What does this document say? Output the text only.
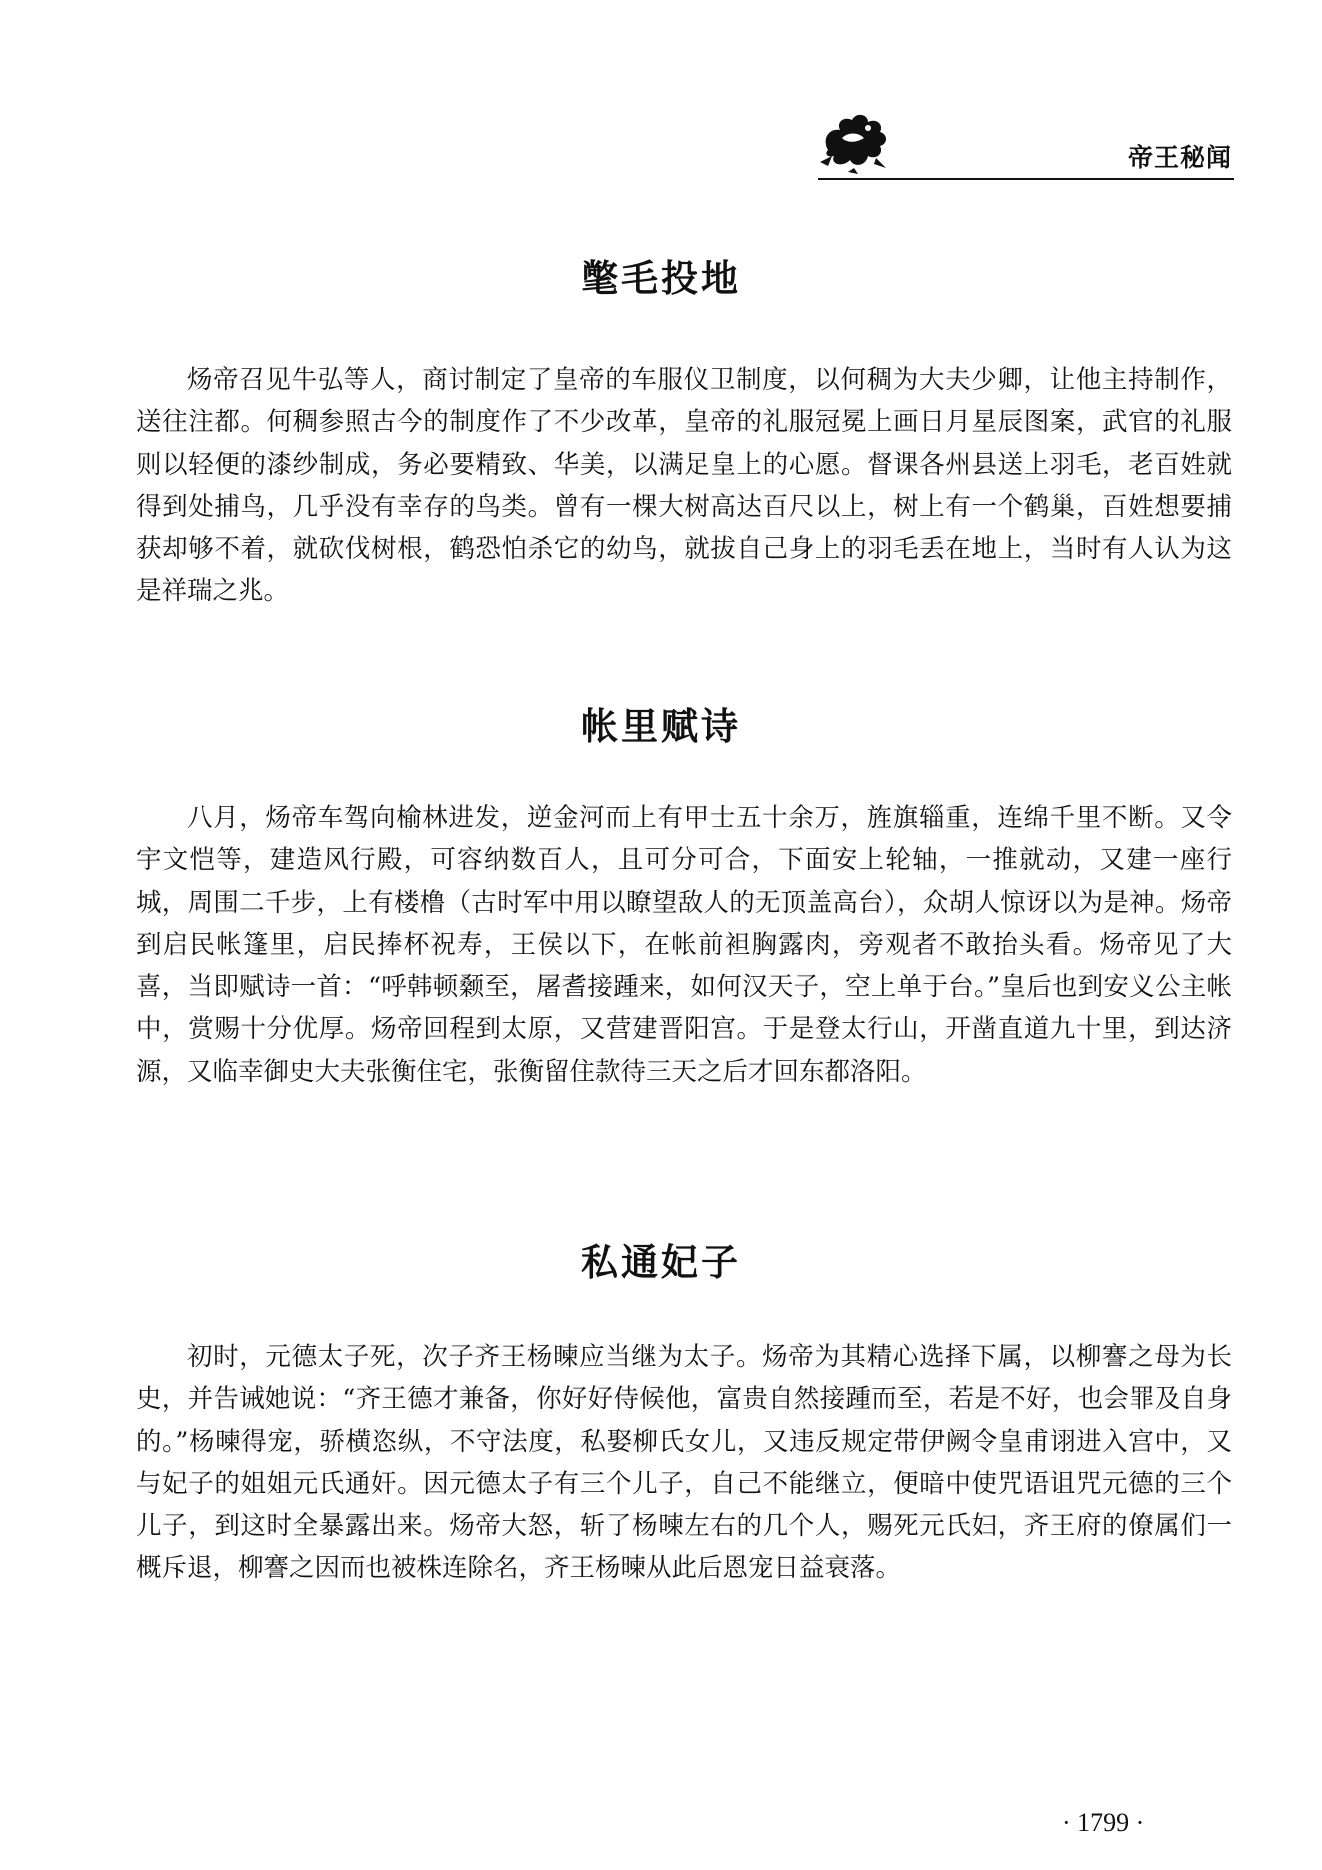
帝王秘闻
氅毛投地

炀帝召见牛弘等人，商讨制定了皇帝的车服仪卫制度，以何稠为大夫少卿，让他主持制作，送往注都。何稠参照古今的制度作了不少改革，皇帝的礼服冠冕上画日月星辰图案，武官的礼服则以轻便的漆纱制成，务必要精致、华美，以满足皇上的心愿。督课各州县送上羽毛，老百姓就得到处捕鸟，几乎没有幸存的鸟类。曾有一棵大树高达百尺以上，树上有一个鹤巢，百姓想要捕获却够不着，就砍伐树根，鹤恐怕杀它的幼鸟，就拔自己身上的羽毛丢在地上，当时有人认为这是祥瑞之兆。

帐里赋诗

八月，炀帝车驾向榆林进发，逆金河而上有甲士五十余万，旌旗辎重，连绵千里不断。又令宇文恺等，建造风行殿，可容纳数百人，且可分可合，下面安上轮轴，一推就动，又建一座行城，周围二千步，上有楼橹（古时军中用以瞭望敌人的无顶盖高台），众胡人惊讶以为是神。炀帝到启民帐篷里，启民捧杯祝寿，王侯以下，在帐前袒胸露肉，旁观者不敢抬头看。炀帝见了大喜，当即赋诗一首：“呼韩顿颡至，屠耆接踵来，如何汉天子，空上单于台。”皇后也到安义公主帐中，赏赐十分优厚。炀帝回程到太原，又营建晋阳宫。于是登太行山，开凿直道九十里，到达济源，又临幸御史大夫张衡住宅，张衡留住款待三天之后才回东都洛阳。

私通妃子

初时，元德太子死，次子齐王杨暕应当继为太子。炀帝为其精心选择下属，以柳謇之母为长史，并告诫她说：“齐王德才兼备，你好好侍候他，富贵自然接踵而至，若是不好，也会罪及自身的。”杨暕得宠，骄横恣纵，不守法度，私娶柳氏女儿，又违反规定带伊阙令皇甫诩进入宫中，又与妃子的姐姐元氏通奸。因元德太子有三个儿子，自己不能继立，便暗中使咒语诅咒元德的三个儿子，到这时全暴露出来。炀帝大怒，斩了杨暕左右的几个人，赐死元氏妇，齐王府的僚属们一概斥退，柳謇之因而也被株连除名，齐王杨暕从此后恩宠日益衰落。

· 1799 ·
